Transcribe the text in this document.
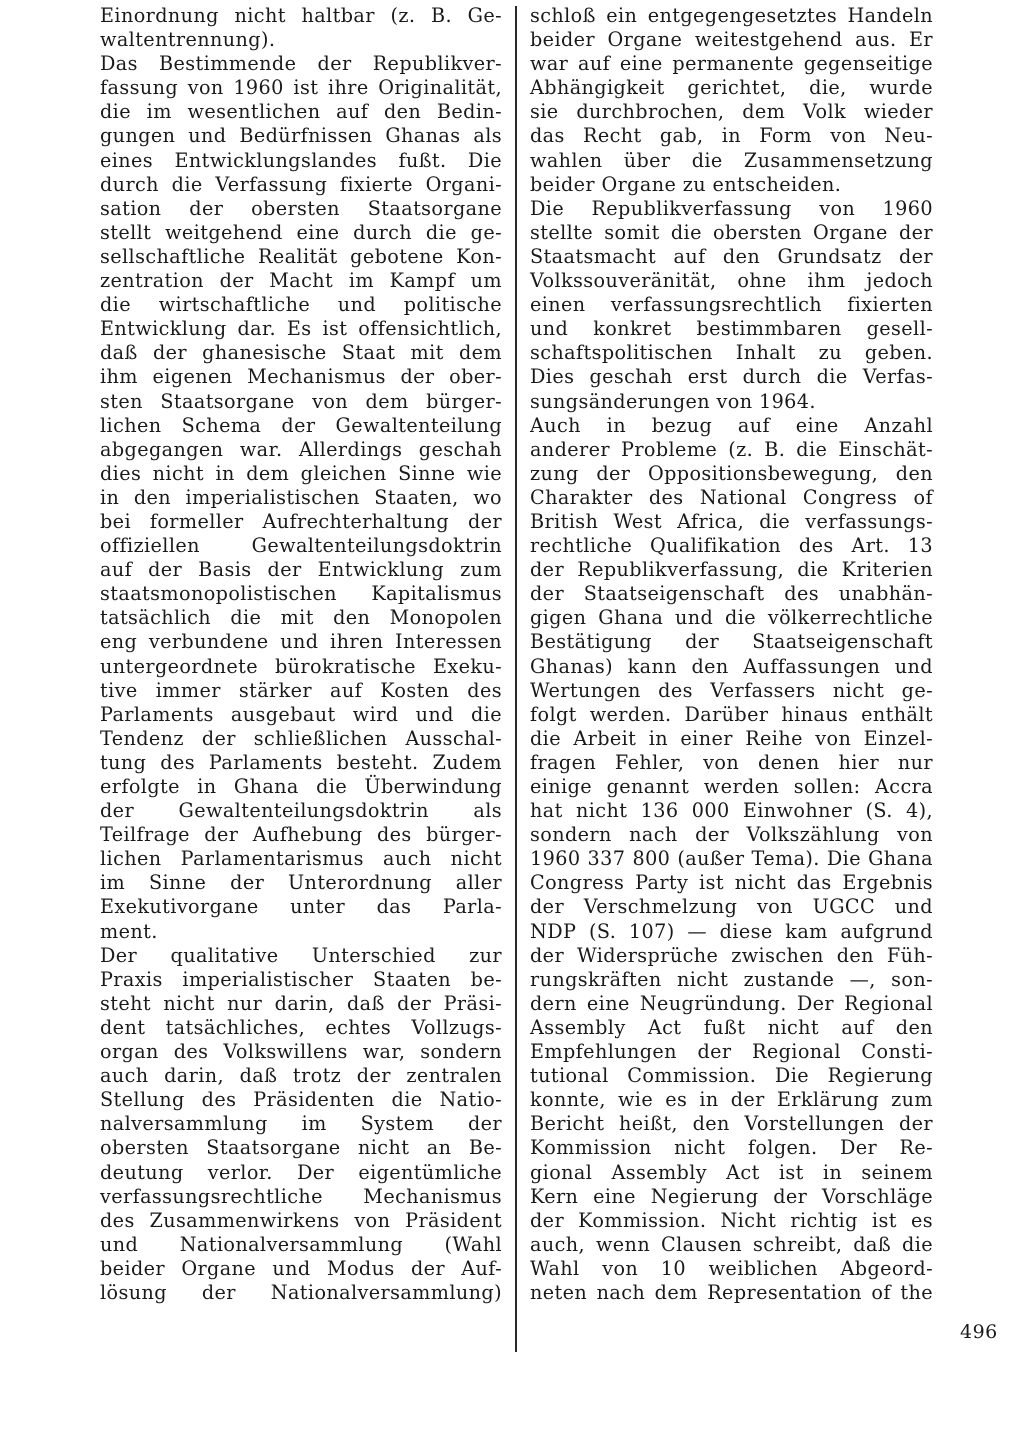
Einordnung nicht haltbar (z. B. Ge-
waltentrennung).
Das Bestimmende der Republikver-
fassung von 1960 ist ihre Originalität,
die im wesentlichen auf den Bedin-
gungen und Bedürfnissen Ghanas als
eines Entwicklungslandes fußt. Die
durch die Verfassung fixierte Organi-
sation der obersten Staatsorgane
stellt weitgehend eine durch die ge-
sellschaftliche Realität gebotene Kon-
zentration der Macht im Kampf um
die wirtschaftliche und politische
Entwicklung dar. Es ist offensichtlich,
daß der ghanesische Staat mit dem
ihm eigenen Mechanismus der ober-
sten Staatsorgane von dem bürger-
lichen Schema der Gewaltenteilung
abgegangen war. Allerdings geschah
dies nicht in dem gleichen Sinne wie
in den imperialistischen Staaten, wo
bei formeller Aufrechterhaltung der
offiziellen Gewaltenteilungsdoktrin
auf der Basis der Entwicklung zum
staatsmonopolistischen Kapitalismus
tatsächlich die mit den Monopolen
eng verbundene und ihren Interessen
untergeordnete bürokratische Exeku-
tive immer stärker auf Kosten des
Parlaments ausgebaut wird und die
Tendenz der schließlichen Ausschal-
tung des Parlaments besteht. Zudem
erfolgte in Ghana die Überwindung
der Gewaltenteilungsdoktrin als
Teilfrage der Aufhebung des bürger-
lichen Parlamentarismus auch nicht
im Sinne der Unterordnung aller
Exekutivorgane unter das Parla-
ment.
Der qualitative Unterschied zur
Praxis imperialistischer Staaten be-
steht nicht nur darin, daß der Präsi-
dent tatsächliches, echtes Vollzugs-
organ des Volkswillens war, sondern
auch darin, daß trotz der zentralen
Stellung des Präsidenten die Natio-
nalversammlung im System der
obersten Staatsorgane nicht an Be-
deutung verlor. Der eigentümliche
verfassungsrechtliche Mechanismus
des Zusammenwirkens von Präsident
und Nationalversammlung (Wahl
beider Organe und Modus der Auf-
lösung der Nationalversammlung)
schloß ein entgegengesetztes Handeln
beider Organe weitestgehend aus. Er
war auf eine permanente gegenseitige
Abhängigkeit gerichtet, die, wurde
sie durchbrochen, dem Volk wieder
das Recht gab, in Form von Neu-
wahlen über die Zusammensetzung
beider Organe zu entscheiden.
Die Republikverfassung von 1960
stellte somit die obersten Organe der
Staatsmacht auf den Grundsatz der
Volkssouveränität, ohne ihm jedoch
einen verfassungsrechtlich fixierten
und konkret bestimmbaren gesell-
schaftspolitischen Inhalt zu geben.
Dies geschah erst durch die Verfas-
sungsänderungen von 1964.
Auch in bezug auf eine Anzahl
anderer Probleme (z. B. die Einschät-
zung der Oppositionsbewegung, den
Charakter des National Congress of
British West Africa, die verfassungs-
rechtliche Qualifikation des Art. 13
der Republikverfassung, die Kriterien
der Staatseigenschaft des unabhän-
gigen Ghana und die völkerrechtliche
Bestätigung der Staatseigenschaft
Ghanas) kann den Auffassungen und
Wertungen des Verfassers nicht ge-
folgt werden. Darüber hinaus enthält
die Arbeit in einer Reihe von Einzel-
fragen Fehler, von denen hier nur
einige genannt werden sollen: Accra
hat nicht 136 000 Einwohner (S. 4),
sondern nach der Volkszählung von
1960 337 800 (außer Tema). Die Ghana
Congress Party ist nicht das Ergebnis
der Verschmelzung von UGCC und
NDP (S. 107) — diese kam aufgrund
der Widersprüche zwischen den Füh-
rungskräften nicht zustande —, son-
dern eine Neugründung. Der Regional
Assembly Act fußt nicht auf den
Empfehlungen der Regional Consti-
tutional Commission. Die Regierung
konnte, wie es in der Erklärung zum
Bericht heißt, den Vorstellungen der
Kommission nicht folgen. Der Re-
gional Assembly Act ist in seinem
Kern eine Negierung der Vorschläge
der Kommission. Nicht richtig ist es
auch, wenn Clausen schreibt, daß die
Wahl von 10 weiblichen Abgeord-
neten nach dem Representation of the
496
